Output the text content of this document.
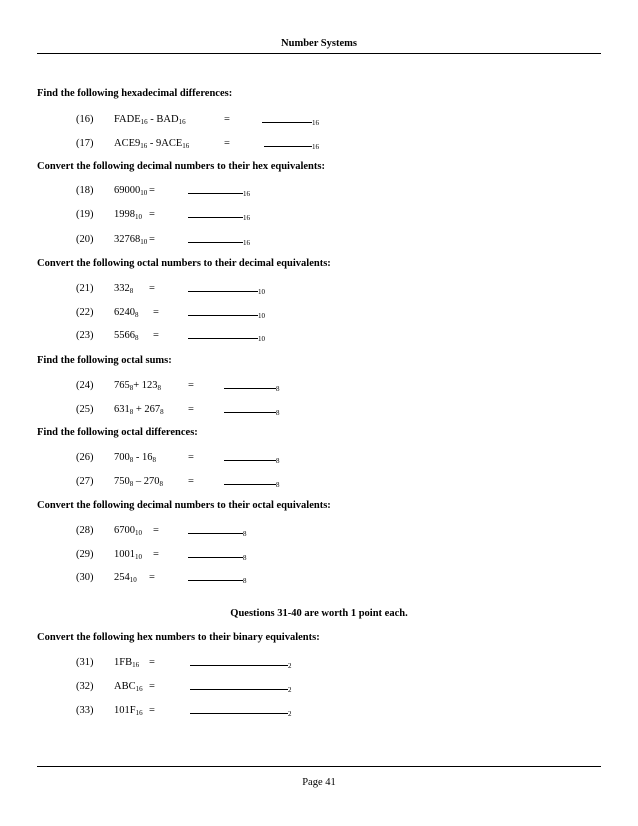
Number Systems
Find the following hexadecimal differences:
(16) $FADE_{16} - BAD_{16}$	=	16
(17) $ACE9_{16} - 9ACE_{16}$	=	16
Convert the following decimal numbers to their hex equivalents:
(18) $69000_{10}$ =	16
(19) $1998_{10}$ =	16
(20) $32768_{10}$ =	16
Convert the following octal numbers to their decimal equivalents:
(21) $332_8$ =	10
(22) $6240_8$ =	10
(23) $5566_8$ =	10
Find the following octal sums:
(24) $765_8+ 123_8$	=	8
(25) $631_8 + 267_8$ =	8
Find the following octal differences:
(26) $700_8 - 16_8$	=	8
(27) $750_8 - 270_8$ =	8
Convert the following decimal numbers to their octal equivalents:
(28) $6700_{10}$ =	8
(29) $1001_{10}$ =	8
(30) $254_{10}$ =	8
Questions 31-40 are worth 1 point each.
Convert the following hex numbers to their binary equivalents:
(31) $1FB_{16}$ =	2
(32) $ABC_{16}$ =	2
(33) $101F_{16}$ =	2
Page 41
